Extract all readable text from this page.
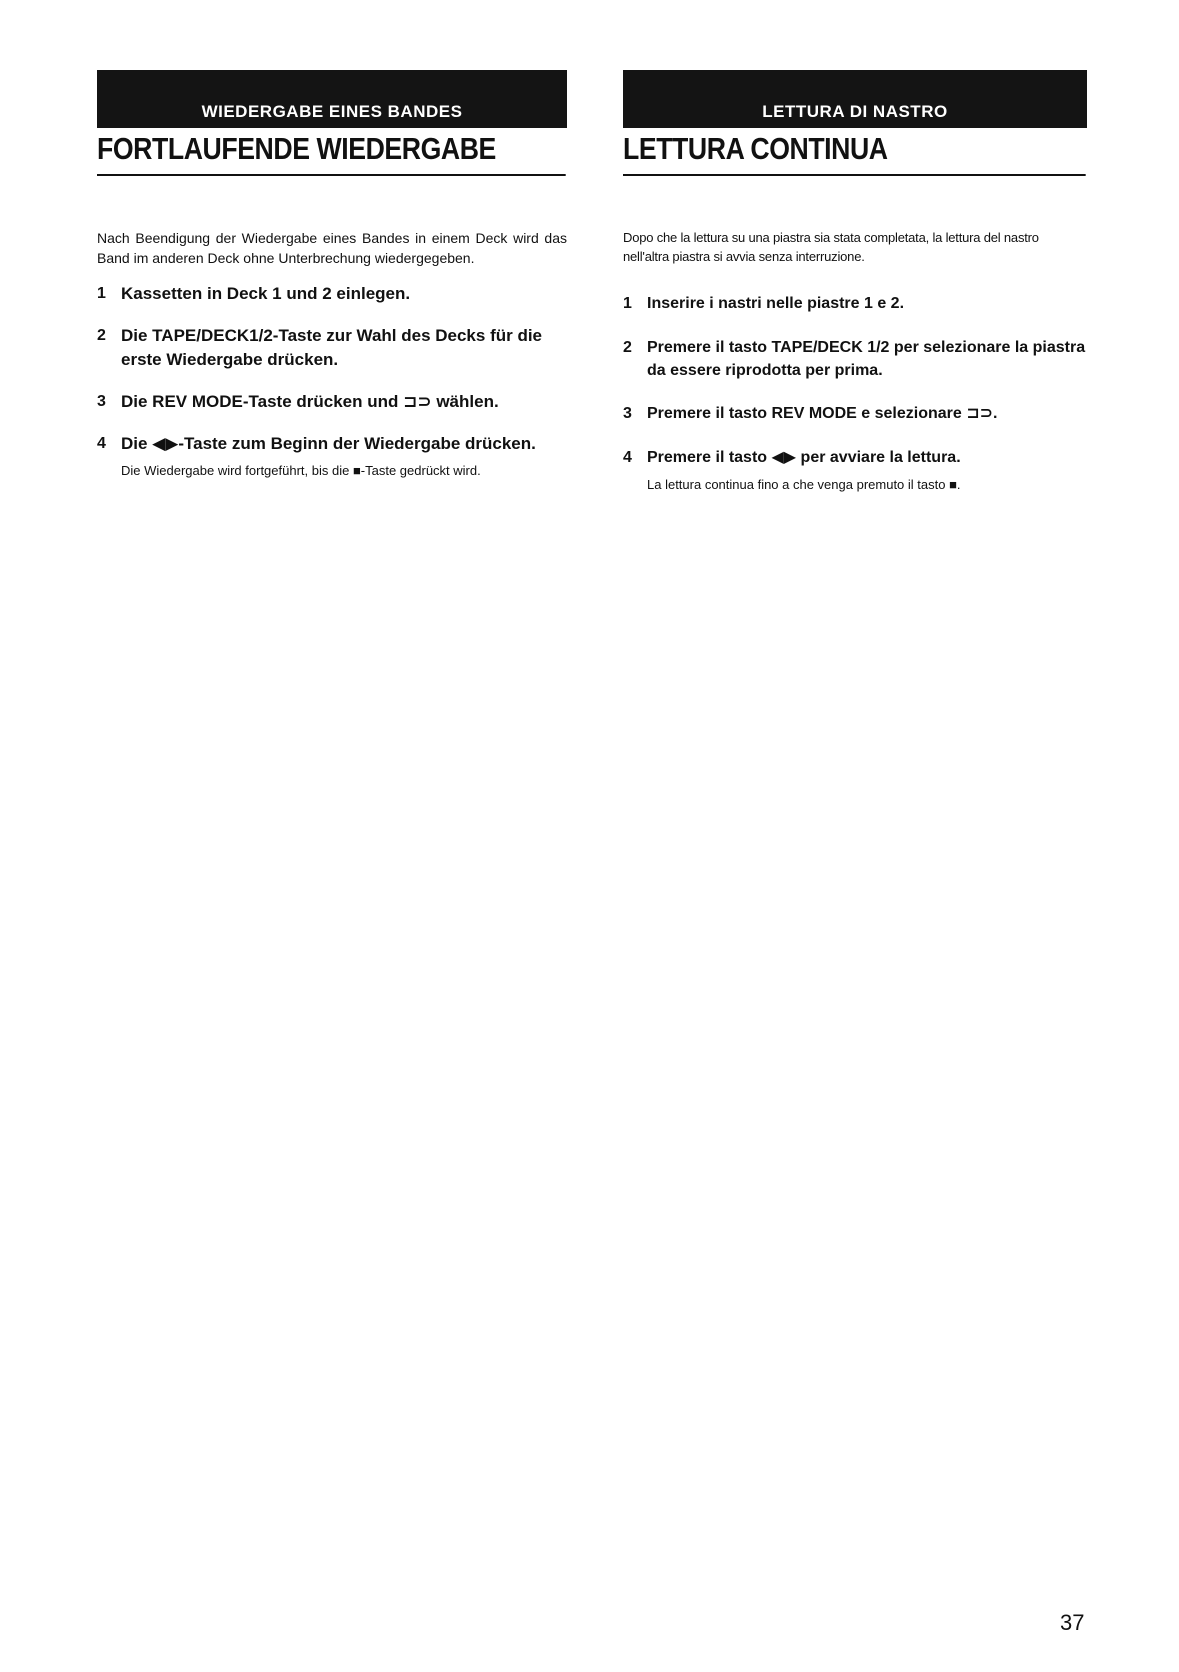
WIEDERGABE EINES BANDES
FORTLAUFENDE WIEDERGABE
Nach Beendigung der Wiedergabe eines Bandes in einem Deck wird das Band im anderen Deck ohne Unterbrechung wiedergegeben.
1 Kassetten in Deck 1 und 2 einlegen.
2 Die TAPE/DECK1/2-Taste zur Wahl des Decks für die erste Wiedergabe drücken.
3 Die REV MODE-Taste drücken und ⊐⊃ wählen.
4 Die ◀▶-Taste zum Beginn der Wiedergabe drücken.
Die Wiedergabe wird fortgeführt, bis die ■-Taste gedrückt wird.
LETTURA DI NASTRO
LETTURA CONTINUA
Dopo che la lettura su una piastra sia stata completata, la lettura del nastro nell'altra piastra si avvia senza interruzione.
1 Inserire i nastri nelle piastre 1 e 2.
2 Premere il tasto TAPE/DECK 1/2 per selezionare la piastra da essere riprodotta per prima.
3 Premere il tasto REV MODE e selezionare ⊐⊃.
4 Premere il tasto ◀▶ per avviare la lettura.
La lettura continua fino a che venga premuto il tasto ■.
37
